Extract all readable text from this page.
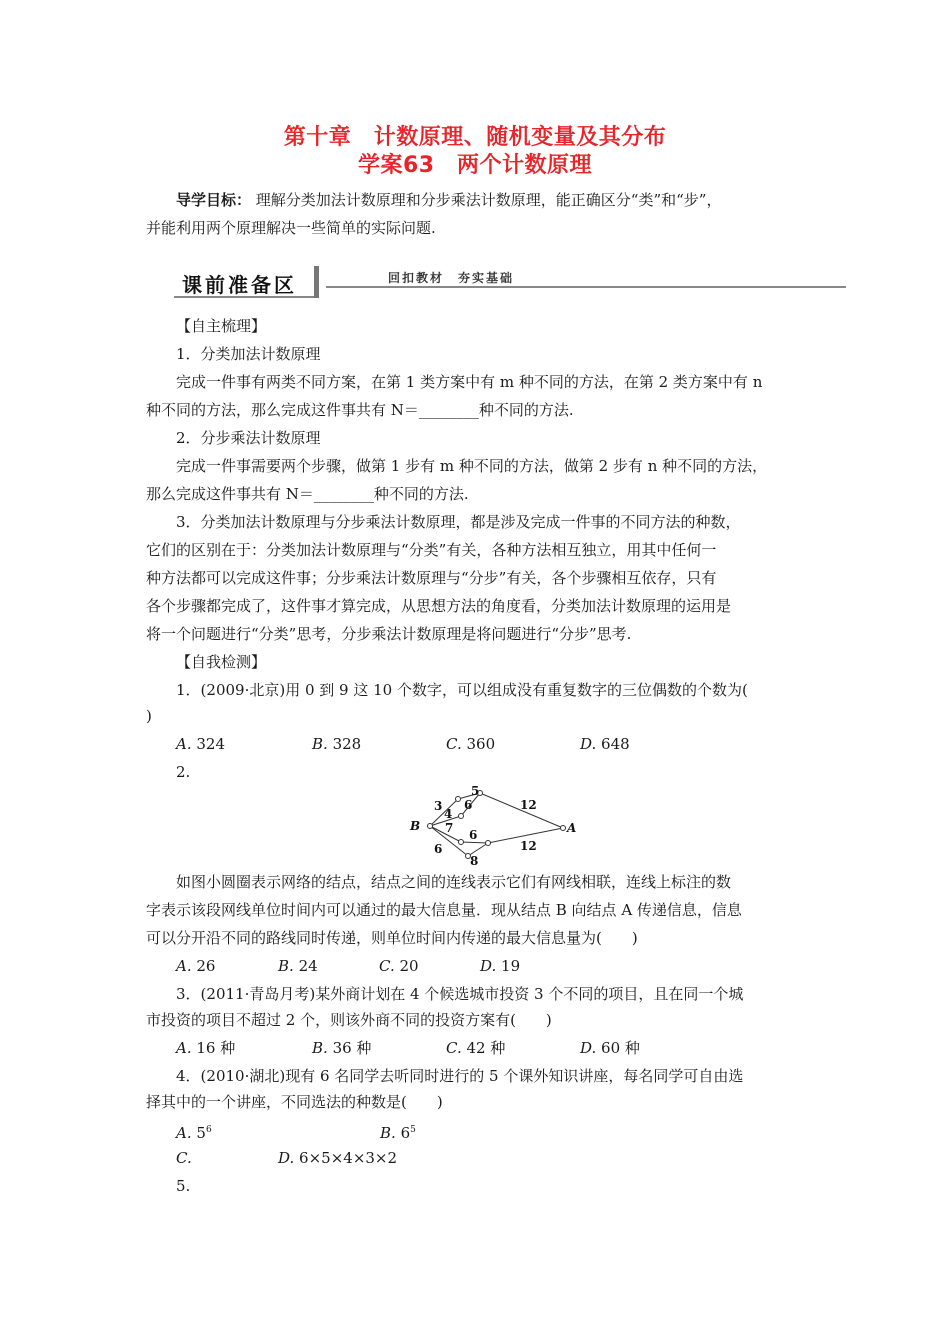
第十章　计数原理、随机变量及其分布
学案63　两个计数原理
导学目标： 理解分类加法计数原理和分步乘法计数原理，能正确区分“类”和“步”，
并能利用两个原理解决一些简单的实际问题.
课前准备区	回扣教材　夯实基础
【自主梳理】
1．分类加法计数原理
完成一件事有两类不同方案，在第 1 类方案中有 m 种不同的方法，在第 2 类方案中有 n
种不同的方法，那么完成这件事共有 N＝________种不同的方法.
2．分步乘法计数原理
完成一件事需要两个步骤，做第 1 步有 m 种不同的方法，做第 2 步有 n 种不同的方法，
那么完成这件事共有 N＝________种不同的方法.
3．分类加法计数原理与分步乘法计数原理，都是涉及完成一件事的不同方法的种数，
它们的区别在于：分类加法计数原理与“分类”有关，各种方法相互独立，用其中任何一
种方法都可以完成这件事；分步乘法计数原理与“分步”有关，各个步骤相互依存，只有
各个步骤都完成了，这件事才算完成，从思想方法的角度看，分类加法计数原理的运用是
将一个问题进行“分类”思考，分步乘法计数原理是将问题进行“分步”思考.
【自我检测】
1．(2009·北京)用 0 到 9 这 10 个数字，可以组成没有重复数字的三位偶数的个数为(
)
A. 324	B. 328	C. 360	D. 648
2.
B	A
3
5
4
6	12
7 6
12
6
8
如图小圆圈表示网络的结点，结点之间的连线表示它们有网线相联，连线上标注的数
字表示该段网线单位时间内可以通过的最大信息量．现从结点 B 向结点 A 传递信息，信息
可以分开沿不同的路线同时传递，则单位时间内传递的最大信息量为(　　)
A. 26	B. 24	C. 20	D. 19
3．(2011·青岛月考)某外商计划在 4 个候选城市投资 3 个不同的项目，且在同一个城
市投资的项目不超过 2 个，则该外商不同的投资方案有(　　)
A. 16 种	B. 36 种	C. 42 种	D. 60 种
4．(2010·湖北)现有 6 名同学去听同时进行的 5 个课外知识讲座，每名同学可自由选
择其中的一个讲座，不同选法的种数是(　　)
A. $5^6$	B. $6^5$
C.	D. 6×5×4×3×2
5.
